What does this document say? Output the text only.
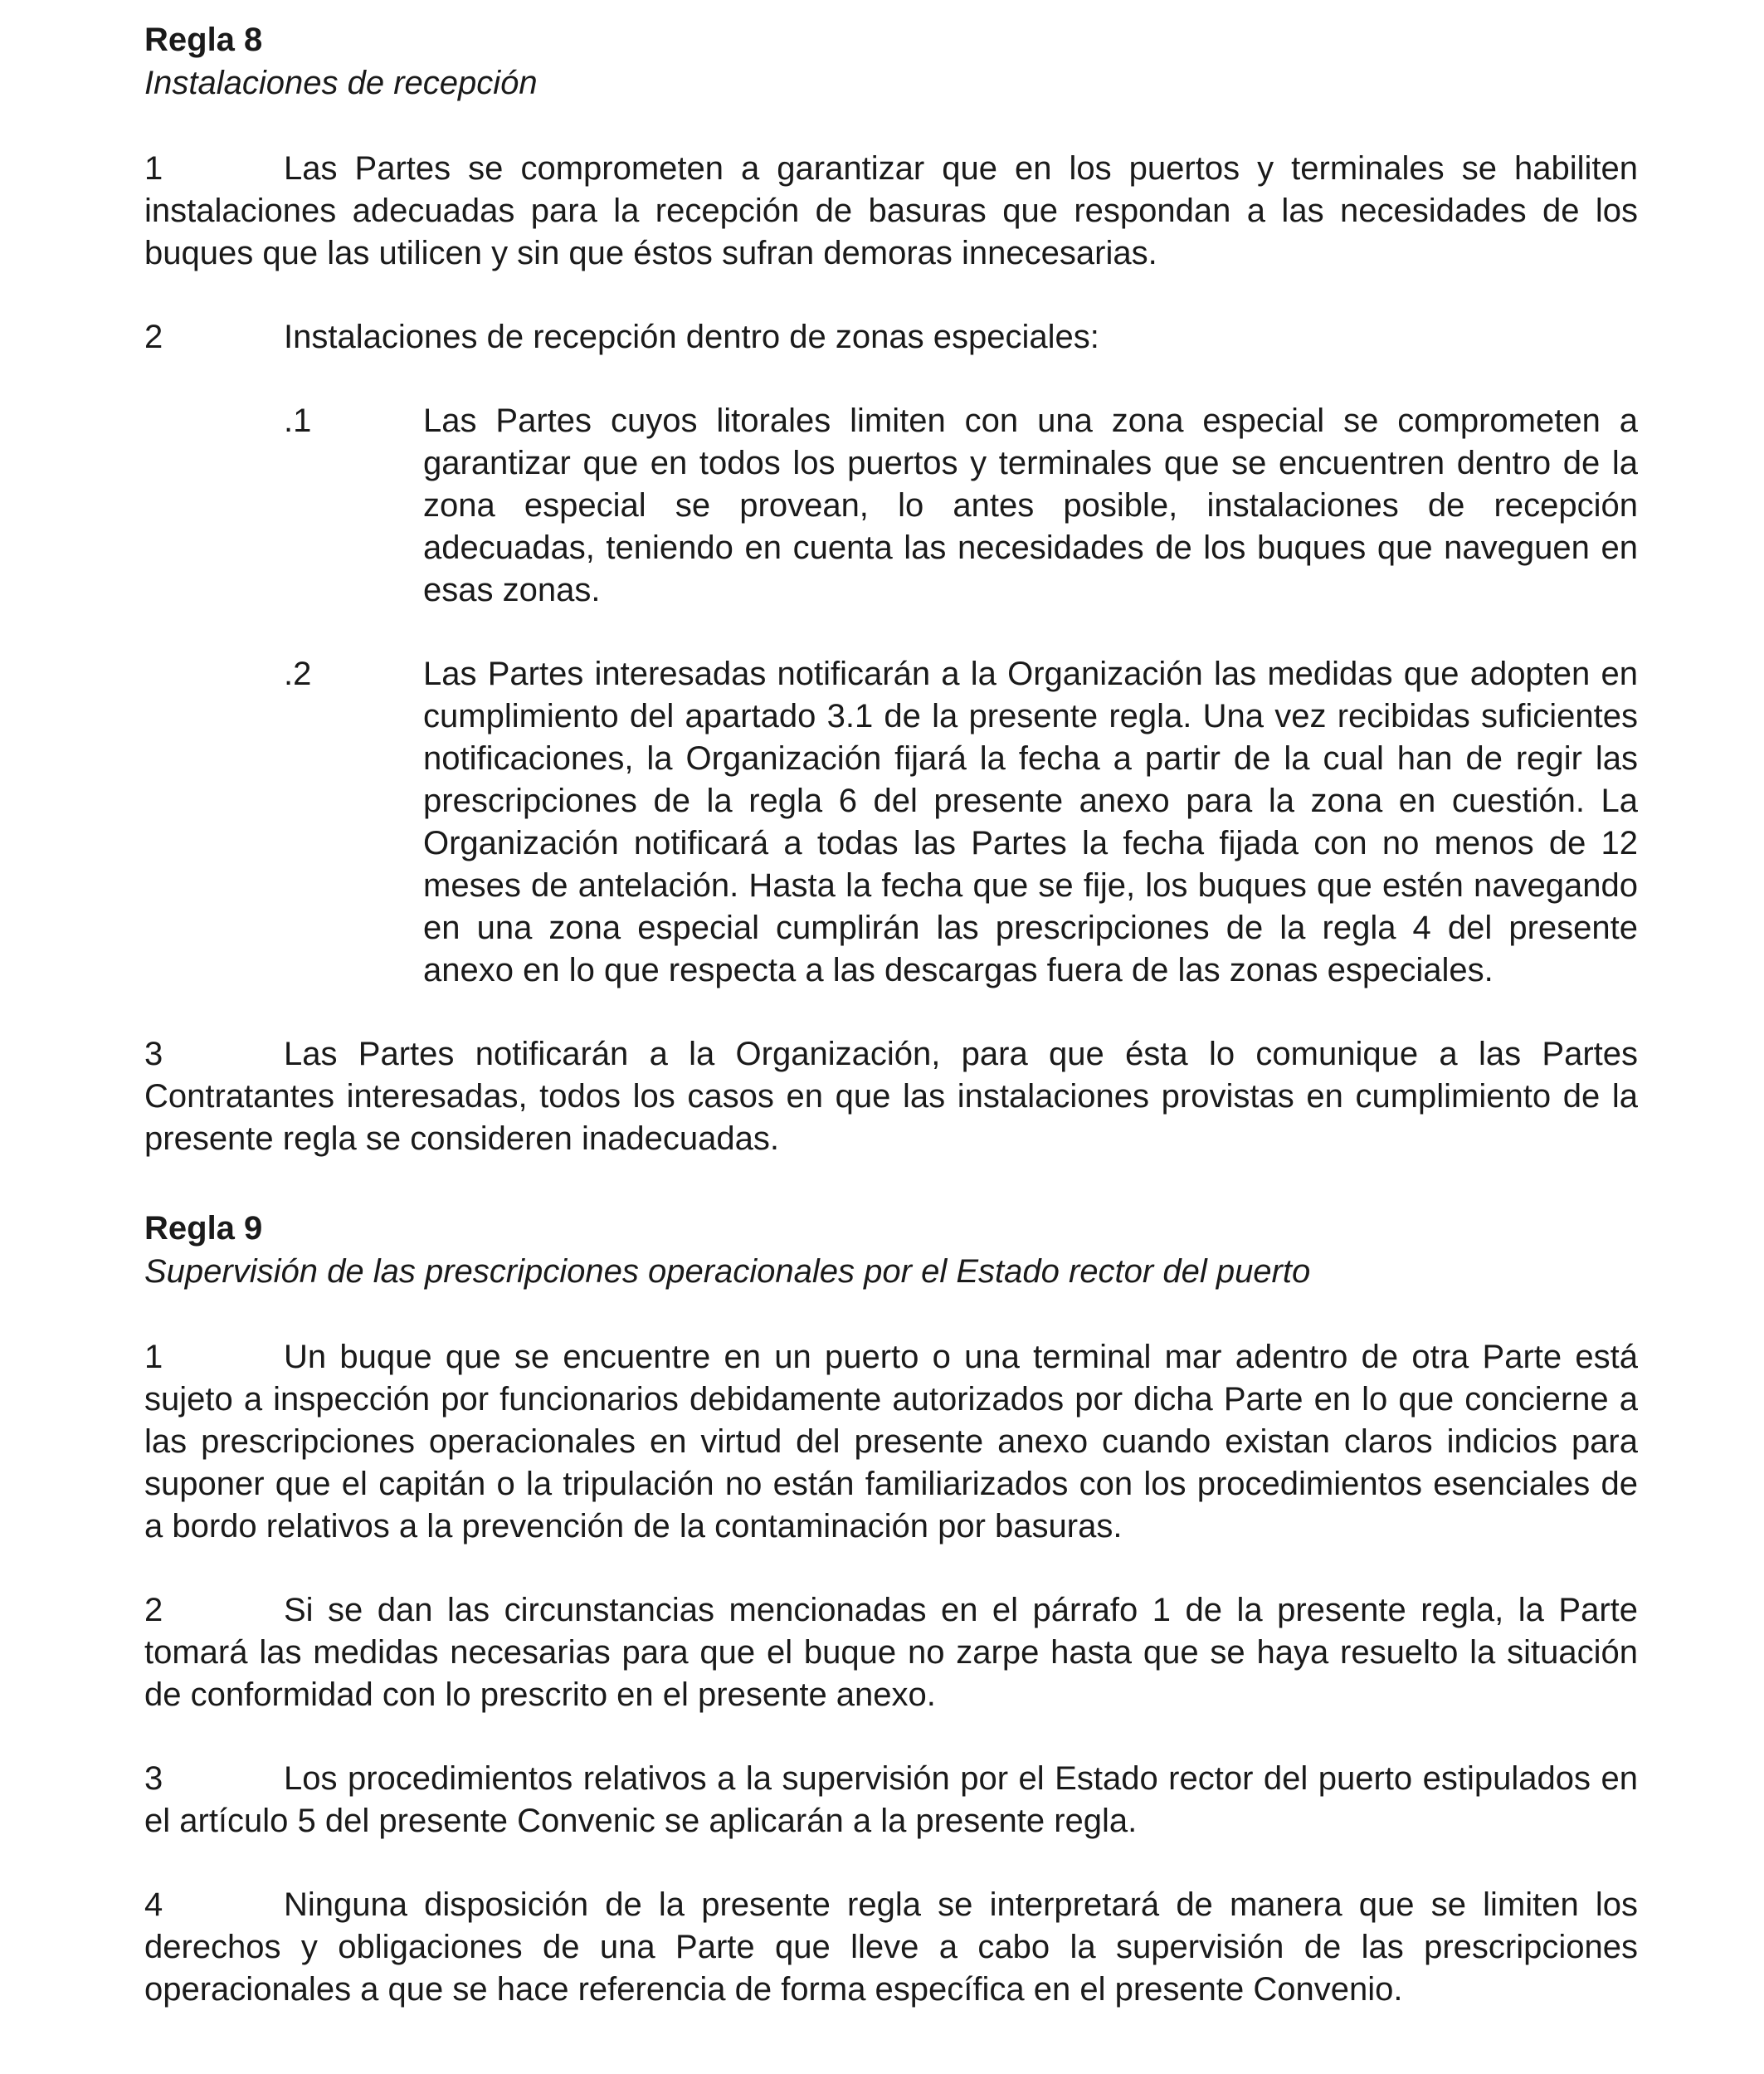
Regla 8

Instalaciones de recepción

1	Las Partes se comprometen a garantizar que en los puertos y terminales se habiliten instalaciones adecuadas para la recepción de basuras que respondan a las necesidades de los buques que las utilicen y sin que éstos sufran demoras innecesarias.

2	Instalaciones de recepción dentro de zonas especiales:

.1	Las Partes cuyos litorales limiten con una zona especial se comprometen a garantizar que en todos los puertos y terminales que se encuentren dentro de la zona especial se provean, lo antes posible, instalaciones de recepción adecuadas, teniendo en cuenta las necesidades de los buques que naveguen en esas zonas.
.2	Las Partes interesadas notificarán a la Organización las medidas que adopten en cumplimiento del apartado 3.1 de la presente regla. Una vez recibidas suficientes notificaciones, la Organización fijará la fecha a partir de la cual han de regir las prescripciones de la regla 6 del presente anexo para la zona en cuestión. La Organización notificará a todas las Partes la fecha fijada con no menos de 12 meses de antelación. Hasta la fecha que se fije, los buques que estén navegando en una zona especial cumplirán las prescripciones de la regla 4 del presente anexo en lo que respecta a las descargas fuera de las zonas especiales.

3	Las Partes notificarán a la Organización, para que ésta lo comunique a las Partes Contratantes interesadas, todos los casos en que las instalaciones provistas en cumplimiento de la presente regla se consideren inadecuadas.

Regla 9

Supervisión de las prescripciones operacionales por el Estado rector del puerto

1	Un buque que se encuentre en un puerto o una terminal mar adentro de otra Parte está sujeto a inspección por funcionarios debidamente autorizados por dicha Parte en lo que concierne a las prescripciones operacionales en virtud del presente anexo cuando existan claros indicios para suponer que el capitán o la tripulación no están familiarizados con los procedimientos esenciales de a bordo relativos a la prevención de la contaminación por basuras.

2	Si se dan las circunstancias mencionadas en el párrafo 1 de la presente regla, la Parte tomará las medidas necesarias para que el buque no zarpe hasta que se haya resuelto la situación de conformidad con lo prescrito en el presente anexo.

3	Los procedimientos relativos a la supervisión por el Estado rector del puerto estipulados en el artículo 5 del presente Convenic se aplicarán a la presente regla.

4	Ninguna disposición de la presente regla se interpretará de manera que se limiten los derechos y obligaciones de una Parte que lleve a cabo la supervisión de las prescripciones operacionales a que se hace referencia de forma específica en el presente Convenio.
